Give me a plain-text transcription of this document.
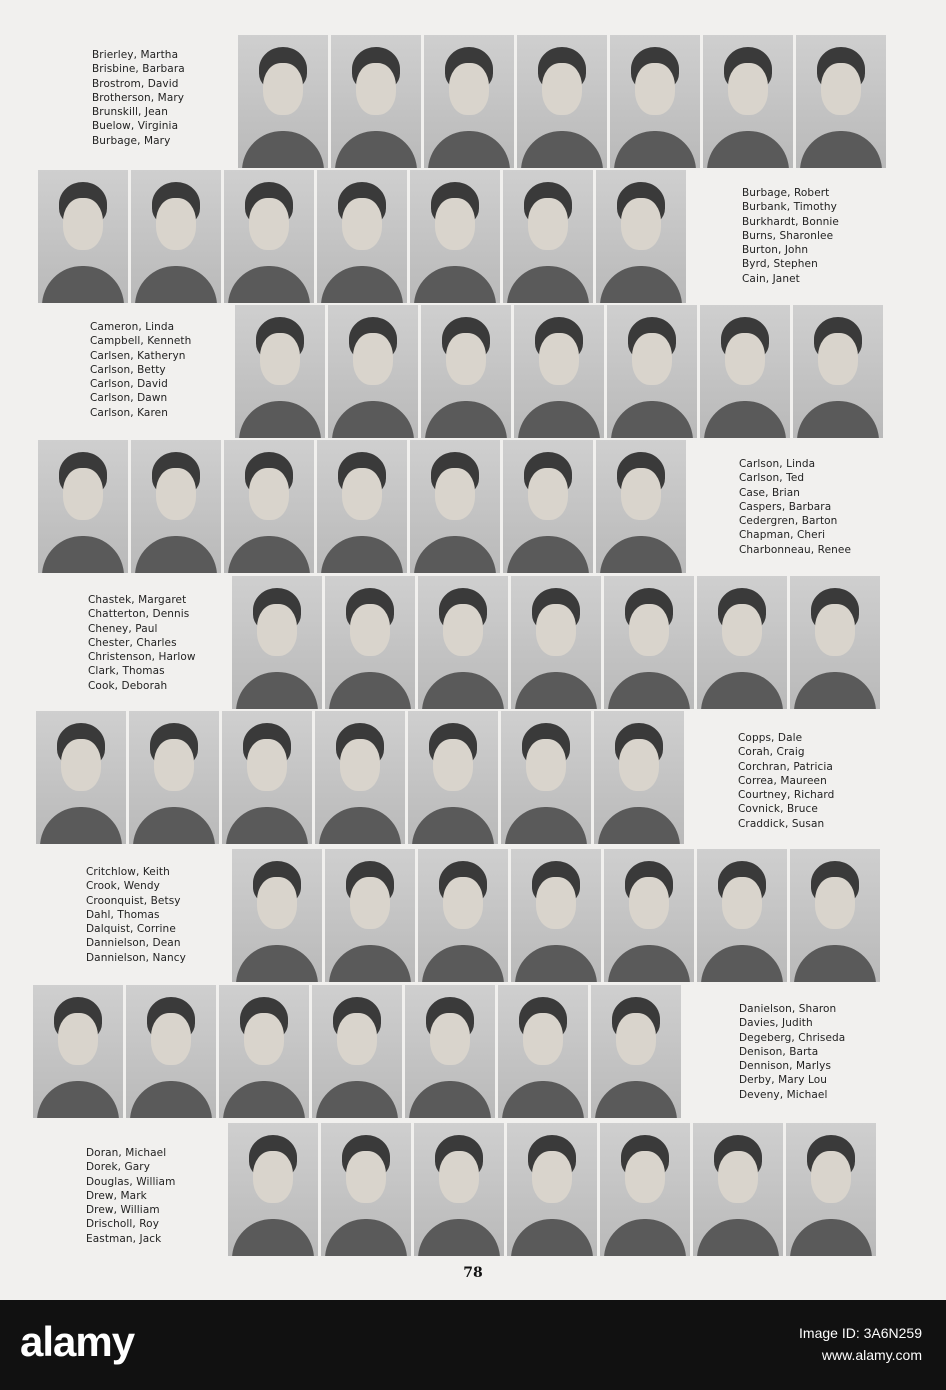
Brierley, Martha
Brisbine, Barbara
Brostrom, David
Brotherson, Mary
Brunskill, Jean
Buelow, Virginia
Burbage, Mary
Burbage, Robert
Burbank, Timothy
Burkhardt, Bonnie
Burns, Sharonlee
Burton, John
Byrd, Stephen
Cain, Janet
Cameron, Linda
Campbell, Kenneth
Carlsen, Katheryn
Carlson, Betty
Carlson, David
Carlson, Dawn
Carlson, Karen
Carlson, Linda
Carlson, Ted
Case, Brian
Caspers, Barbara
Cedergren, Barton
Chapman, Cheri
Charbonneau, Renee
Chastek, Margaret
Chatterton, Dennis
Cheney, Paul
Chester, Charles
Christenson, Harlow
Clark, Thomas
Cook, Deborah
Copps, Dale
Corah, Craig
Corchran, Patricia
Correa, Maureen
Courtney, Richard
Covnick, Bruce
Craddick, Susan
Critchlow, Keith
Crook, Wendy
Croonquist, Betsy
Dahl, Thomas
Dalquist, Corrine
Dannielson, Dean
Dannielson, Nancy
Danielson, Sharon
Davies, Judith
Degeberg, Chriseda
Denison, Barta
Dennison, Marlys
Derby, Mary Lou
Deveny, Michael
Doran, Michael
Dorek, Gary
Douglas, William
Drew, Mark
Drew, William
Drischoll, Roy
Eastman, Jack
78
alamy	Image ID: 3A6N259
www.alamy.com
